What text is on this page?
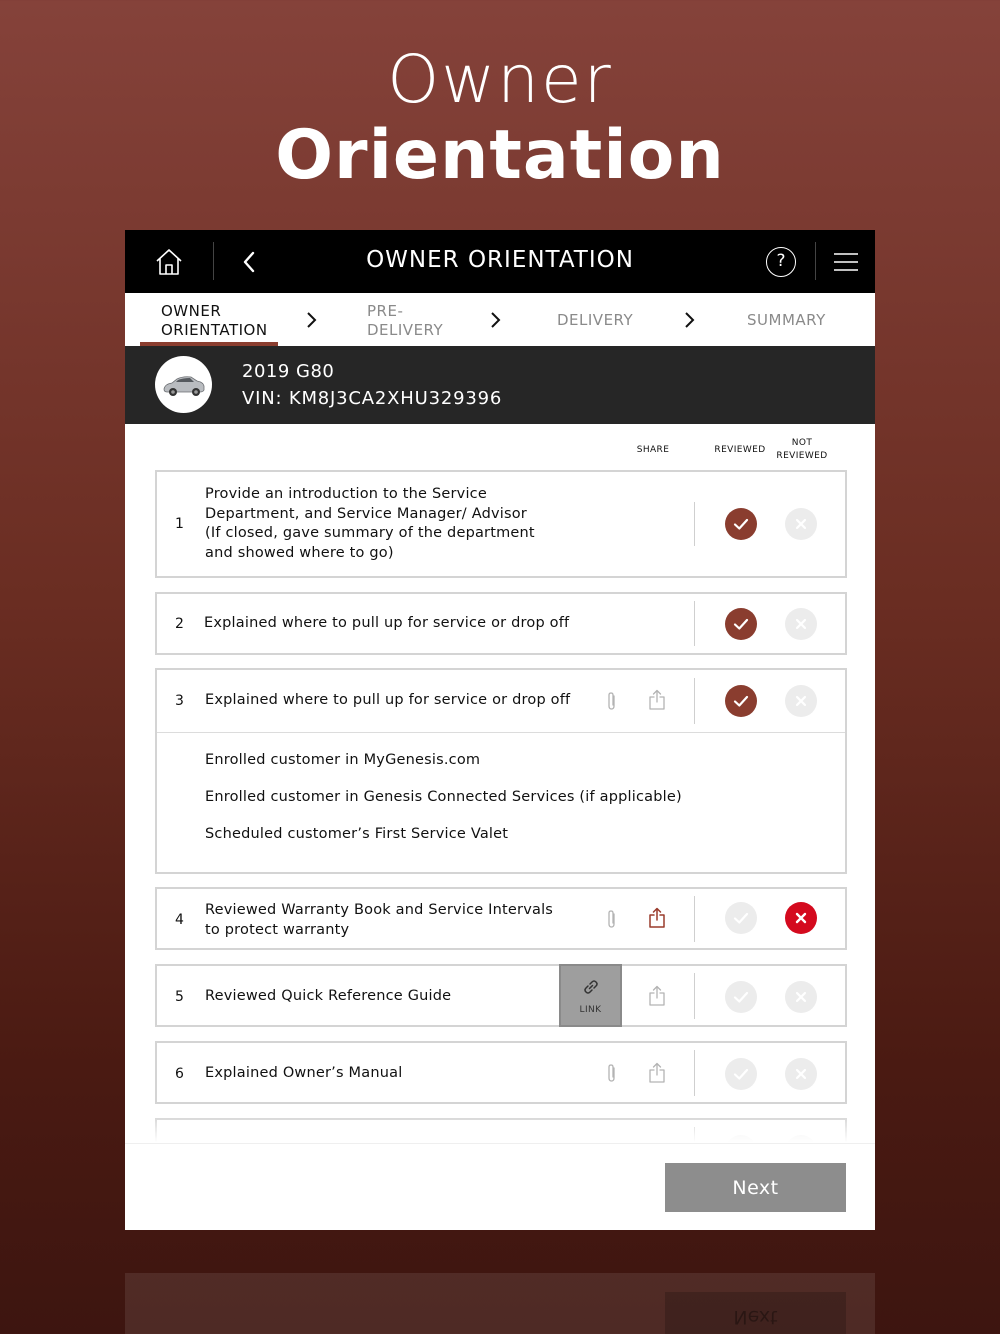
Owner
Orientation
OWNER ORIENTATION	?
OWNER
ORIENTATION
PRE-
DELIVERY
DELIVERY	SUMMARY
2019 G80
VIN: KM8J3CA2XHU329396
SHARE	REVIEWED
NOT
REVIEWED
1
Provide an introduction to the Service
Department, and Service Manager/ Advisor
(If closed, gave summary of the department
and showed where to go)
2 Explained where to pull up for service or drop off
3 Explained where to pull up for service or drop off
Enrolled customer in MyGenesis.com
Enrolled customer in Genesis Connected Services (if applicable)
Scheduled customer’s First Service Valet
4
Reviewed Warranty Book and Service Intervals
to protect warranty
5 Reviewed Quick Reference Guide
LINK
6 Explained Owner’s Manual
Next
Next
